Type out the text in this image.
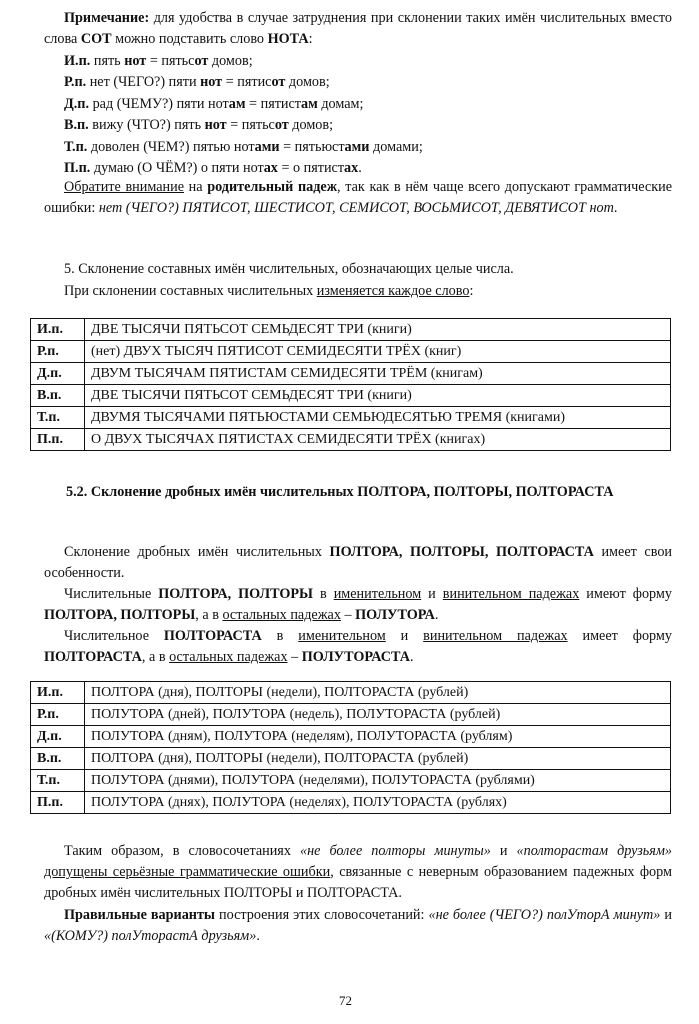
Примечание: для удобства в случае затруднения при склонении таких имён числительных вместо слова СОТ можно подставить слово НОТА:
И.п. пять нот = пятьсот домов;
Р.п. нет (ЧЕГО?) пяти нот = пятисот домов;
Д.п. рад (ЧЕМУ?) пяти нотам = пятистам домам;
В.п. вижу (ЧТО?) пять нот = пятьсот домов;
Т.п. доволен (ЧЕМ?) пятью нотами = пятьюстами домами;
П.п. думаю (О ЧЁМ?) о пяти нотах = о пятистах.
Обратите внимание на родительный падеж, так как в нём чаще всего допускают грамматические ошибки: нет (ЧЕГО?) ПЯТИСОТ, ШЕСТИСОТ, СЕМИСОТ, ВОСЬМИСОТ, ДЕВЯТИСОТ нот.
5. Склонение составных имён числительных, обозначающих целые числа.
При склонении составных числительных изменяется каждое слово:
И.п.	ДВЕ ТЫСЯЧИ ПЯТЬСОТ СЕМЬДЕСЯТ ТРИ (книги)
Р.п.	(нет) ДВУХ ТЫСЯЧ ПЯТИСОТ СЕМИДЕСЯТИ ТРЁХ (книг)
Д.п.	ДВУМ ТЫСЯЧАМ ПЯТИСТАМ СЕМИДЕСЯТИ ТРЁМ (книгам)
В.п.	ДВЕ ТЫСЯЧИ ПЯТЬСОТ СЕМЬДЕСЯТ ТРИ (книги)
Т.п.	ДВУМЯ ТЫСЯЧАМИ ПЯТЬЮСТАМИ СЕМЬЮДЕСЯТЬЮ ТРЕМЯ (книгами)
П.п.	О ДВУХ ТЫСЯЧАХ ПЯТИСТАХ СЕМИДЕСЯТИ ТРЁХ (книгах)
5.2. Склонение дробных имён числительных ПОЛТОРА, ПОЛТОРЫ, ПОЛТОРАСТА
Склонение дробных имён числительных ПОЛТОРА, ПОЛТОРЫ, ПОЛТОРАСТА имеет свои особенности.
Числительные ПОЛТОРА, ПОЛТОРЫ в именительном и винительном падежах имеют форму ПОЛТОРА, ПОЛТОРЫ, а в остальных падежах – ПОЛУТОРА.
Числительное ПОЛТОРАСТА в именительном и винительном падежах имеет форму ПОЛТОРАСТА, а в остальных падежах – ПОЛУТОРАСТА.
И.п.	ПОЛТОРА (дня), ПОЛТОРЫ (недели), ПОЛТОРАСТА (рублей)
Р.п.	ПОЛУТОРА (дней), ПОЛУТОРА (недель), ПОЛУТОРАСТА (рублей)
Д.п.	ПОЛУТОРА (дням), ПОЛУТОРА (неделям), ПОЛУТОРАСТА (рублям)
В.п.	ПОЛТОРА (дня), ПОЛТОРЫ (недели), ПОЛТОРАСТА (рублей)
Т.п.	ПОЛУТОРА (днями), ПОЛУТОРА (неделями), ПОЛУТОРАСТА (рублями)
П.п.	ПОЛУТОРА (днях), ПОЛУТОРА (неделях), ПОЛУТОРАСТА (рублях)
Таким образом, в словосочетаниях «не более полторы минуты» и «полторастам друзьям» допущены серьёзные грамматические ошибки, связанные с неверным образованием падежных форм дробных имён числительных ПОЛТОРЫ и ПОЛТОРАСТА.
Правильные варианты построения этих словосочетаний: «не более (ЧЕГО?) полУторА минут» и «(КОМУ?) полУторастА друзьям».
72
